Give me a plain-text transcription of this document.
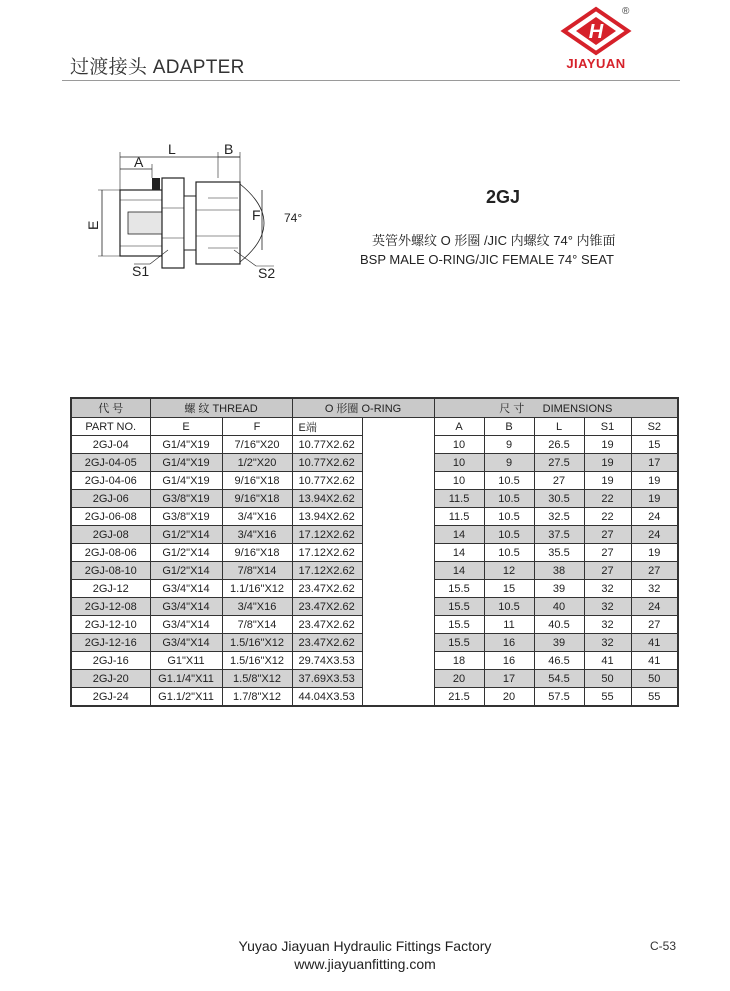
过渡接头 ADAPTER
H
®
JIAYUAN
L
A
B
E
F 74°
S1	S2
2GJ
英管外螺纹 O 形圈 /JIC 内螺纹 74° 内锥面
BSP MALE O-RING/JIC FEMALE 74° SEAT
代 号	螺 纹 THREAD		O 形圈 O-RING		尺 寸      DIMENSIONS				
PART NO.	E	F	E端		A	B	L	S1	S2
2GJ-04	G1/4"X19	7/16"X20	10.77X2.62		10	9	26.5	19	15
2GJ-04-05	G1/4"X19	1/2"X20	10.77X2.62		10	9	27.5	19	17
2GJ-04-06	G1/4"X19	9/16"X18	10.77X2.62		10	10.5	27	19	19
2GJ-06	G3/8"X19	9/16"X18	13.94X2.62		11.5	10.5	30.5	22	19
2GJ-06-08	G3/8"X19	3/4"X16	13.94X2.62		11.5	10.5	32.5	22	24
2GJ-08	G1/2"X14	3/4"X16	17.12X2.62		14	10.5	37.5	27	24
2GJ-08-06	G1/2"X14	9/16"X18	17.12X2.62		14	10.5	35.5	27	19
2GJ-08-10	G1/2"X14	7/8"X14	17.12X2.62		14	12	38	27	27
2GJ-12	G3/4"X14	1.1/16"X12	23.47X2.62		15.5	15	39	32	32
2GJ-12-08	G3/4"X14	3/4"X16	23.47X2.62		15.5	10.5	40	32	24
2GJ-12-10	G3/4"X14	7/8"X14	23.47X2.62		15.5	11	40.5	32	27
2GJ-12-16	G3/4"X14	1.5/16"X12	23.47X2.62		15.5	16	39	32	41
2GJ-16	G1"X11	1.5/16"X12	29.74X3.53		18	16	46.5	41	41
2GJ-20	G1.1/4"X11	1.5/8"X12	37.69X3.53		20	17	54.5	50	50
2GJ-24	G1.1/2"X11	1.7/8"X12	44.04X3.53		21.5	20	57.5	55	55
Yuyao Jiayuan Hydraulic Fittings Factory
www.jiayuanfitting.com
C-53
